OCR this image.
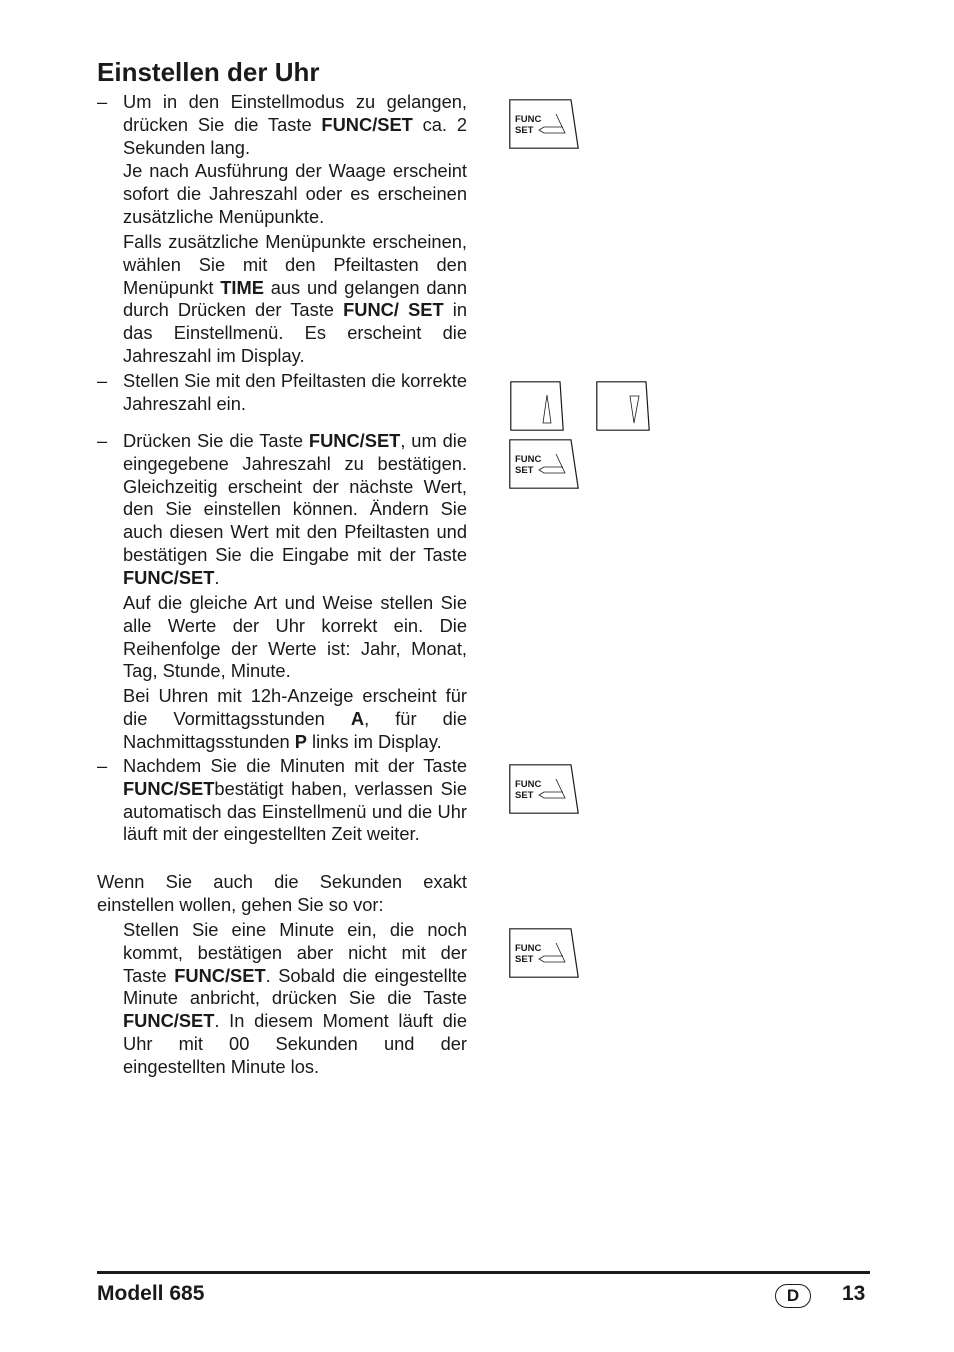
Einstellen der Uhr
– Um in den Einstellmodus zu gelangen, drücken Sie die Taste FUNC/SET ca. 2 Sekunden lang.

Je nach Ausführung der Waage erscheint sofort die Jahreszahl oder es erscheinen zusätzliche Menüpunkte.

Falls zusätzliche Menüpunkte erscheinen, wählen Sie mit den Pfeiltasten den Menüpunkt TIME aus und gelangen dann durch Drücken der Taste FUNC/ SET in das Einstellmenü. Es erscheint die Jahreszahl im Display.

– Stellen Sie mit den Pfeiltasten die korrekte Jahreszahl ein.

– Drücken Sie die Taste FUNC/SET, um die eingegebene Jahreszahl zu bestätigen. Gleichzeitig erscheint der nächste Wert, den Sie einstellen können. Ändern Sie auch diesen Wert mit den Pfeiltasten und bestätigen Sie die Eingabe mit der Taste FUNC/SET.

Auf die gleiche Art und Weise stellen Sie alle Werte der Uhr korrekt ein. Die Reihenfolge der Werte ist: Jahr, Monat, Tag, Stunde, Minute.

Bei Uhren mit 12h-Anzeige erscheint für die Vormittagsstunden A, für die Nachmittagsstunden P links im Display.

– Nachdem Sie die Minuten mit der Taste FUNC/SETbestätigt haben, verlassen Sie automatisch das Einstellmenü und die Uhr läuft mit der eingestellten Zeit weiter.

Wenn Sie auch die Sekunden exakt einstellen wollen, gehen Sie so vor:

Stellen Sie eine Minute ein, die noch kommt, bestätigen aber nicht mit der Taste FUNC/SET. Sobald die eingestellte Minute anbricht, drücken Sie die Taste FUNC/SET. In diesem Moment läuft die Uhr mit 00 Sekunden und der eingestellten Minute los.

FUNC
SET
FUNC
SET
FUNC
SET
FUNC
SET
Modell 685	D	13
